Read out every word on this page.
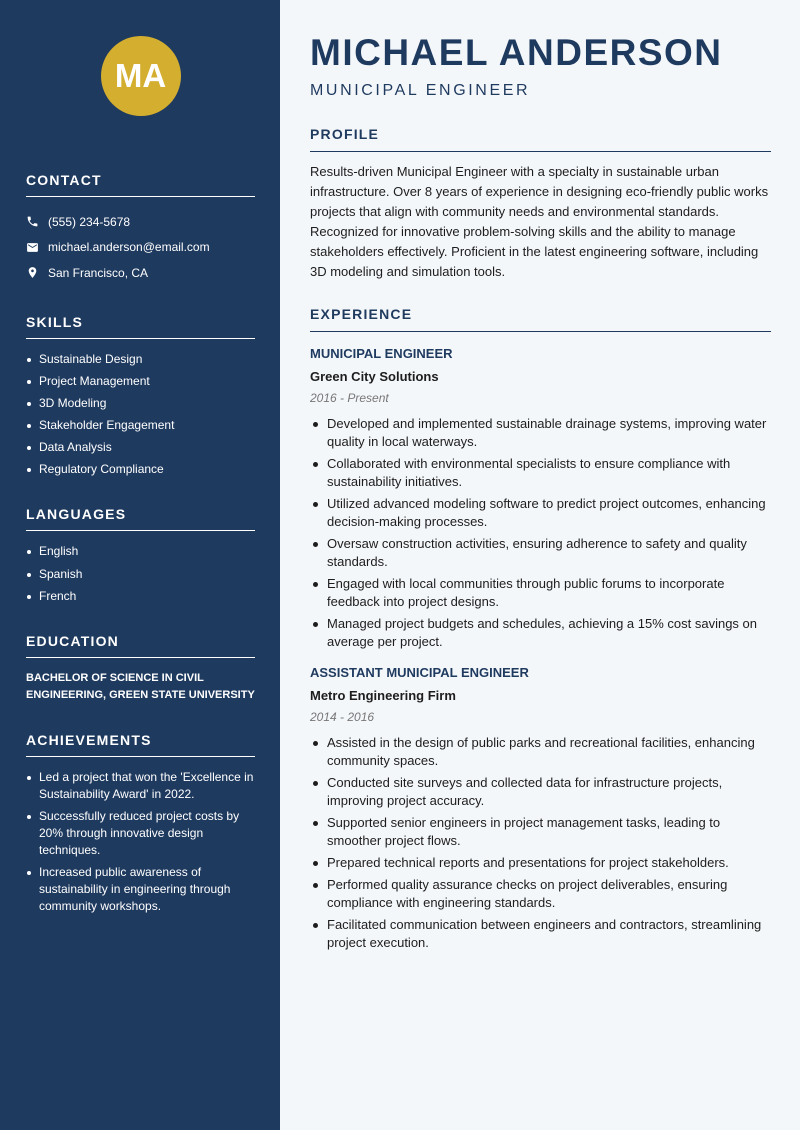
MA
CONTACT
(555) 234-5678
michael.anderson@email.com
San Francisco, CA
SKILLS
Sustainable Design
Project Management
3D Modeling
Stakeholder Engagement
Data Analysis
Regulatory Compliance
LANGUAGES
English
Spanish
French
EDUCATION
BACHELOR OF SCIENCE IN CIVIL ENGINEERING, GREEN STATE UNIVERSITY
ACHIEVEMENTS
Led a project that won the 'Excellence in Sustainability Award' in 2022.
Successfully reduced project costs by 20% through innovative design techniques.
Increased public awareness of sustainability in engineering through community workshops.
MICHAEL ANDERSON
MUNICIPAL ENGINEER
PROFILE

Results-driven Municipal Engineer with a specialty in sustainable urban infrastructure. Over 8 years of experience in designing eco-friendly public works projects that align with community needs and environmental standards. Recognized for innovative problem-solving skills and the ability to manage stakeholders effectively. Proficient in the latest engineering software, including 3D modeling and simulation tools.

EXPERIENCE
MUNICIPAL ENGINEER
Green City Solutions
2016 - Present
Developed and implemented sustainable drainage systems, improving water quality in local waterways.
Collaborated with environmental specialists to ensure compliance with sustainability initiatives.
Utilized advanced modeling software to predict project outcomes, enhancing decision-making processes.
Oversaw construction activities, ensuring adherence to safety and quality standards.
Engaged with local communities through public forums to incorporate feedback into project designs.
Managed project budgets and schedules, achieving a 15% cost savings on average per project.
ASSISTANT MUNICIPAL ENGINEER
Metro Engineering Firm
2014 - 2016
Assisted in the design of public parks and recreational facilities, enhancing community spaces.
Conducted site surveys and collected data for infrastructure projects, improving project accuracy.
Supported senior engineers in project management tasks, leading to smoother project flows.
Prepared technical reports and presentations for project stakeholders.
Performed quality assurance checks on project deliverables, ensuring compliance with engineering standards.
Facilitated communication between engineers and contractors, streamlining project execution.
